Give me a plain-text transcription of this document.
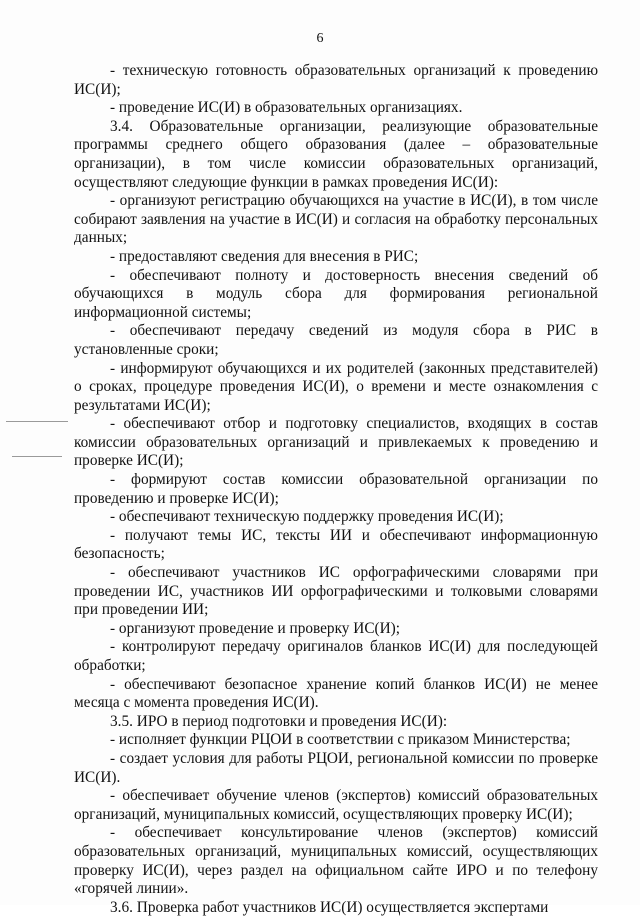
6

- техническую готовность образовательных организаций к проведению ИС(И);

- проведение ИС(И) в образовательных организациях.

3.4. Образовательные организации, реализующие образовательные программы среднего общего образования (далее – образовательные организации), в том числе комиссии образовательных организаций, осуществляют следующие функции в рамках проведения ИС(И):

- организуют регистрацию обучающихся на участие в ИС(И), в том числе собирают заявления на участие в ИС(И) и согласия на обработку персональных данных;

- предоставляют сведения для внесения в РИС;

- обеспечивают полноту и достоверность внесения сведений об обучающихся в модуль сбора для формирования региональной информационной системы;

- обеспечивают передачу сведений из модуля сбора в РИС в установленные сроки;

- информируют обучающихся и их родителей (законных представителей) о сроках, процедуре проведения ИС(И), о времени и месте ознакомления с результатами ИС(И);

- обеспечивают отбор и подготовку специалистов, входящих в состав комиссии образовательных организаций и привлекаемых к проведению и проверке ИС(И);

- формируют состав комиссии образовательной организации по проведению и проверке ИС(И);

- обеспечивают техническую поддержку проведения ИС(И);

- получают темы ИС, тексты ИИ и обеспечивают информационную безопасность;

- обеспечивают участников ИС орфографическими словарями при проведении ИС, участников ИИ орфографическими и толковыми словарями при проведении ИИ;

- организуют проведение и проверку ИС(И);

- контролируют передачу оригиналов бланков ИС(И) для последующей обработки;

- обеспечивают безопасное хранение копий бланков ИС(И) не менее месяца с момента проведения ИС(И).

3.5. ИРО в период подготовки и проведения ИС(И):

- исполняет функции РЦОИ в соответствии с приказом Министерства;

- создает условия для работы РЦОИ, региональной комиссии по проверке ИС(И).

- обеспечивает обучение членов (экспертов) комиссий образовательных организаций, муниципальных комиссий, осуществляющих проверку ИС(И);

- обеспечивает консультирование членов (экспертов) комиссий образовательных организаций, муниципальных комиссий, осуществляющих проверку ИС(И), через раздел на официальном сайте ИРО и по телефону «горячей линии».

3.6. Проверка работ участников ИС(И) осуществляется экспертами
